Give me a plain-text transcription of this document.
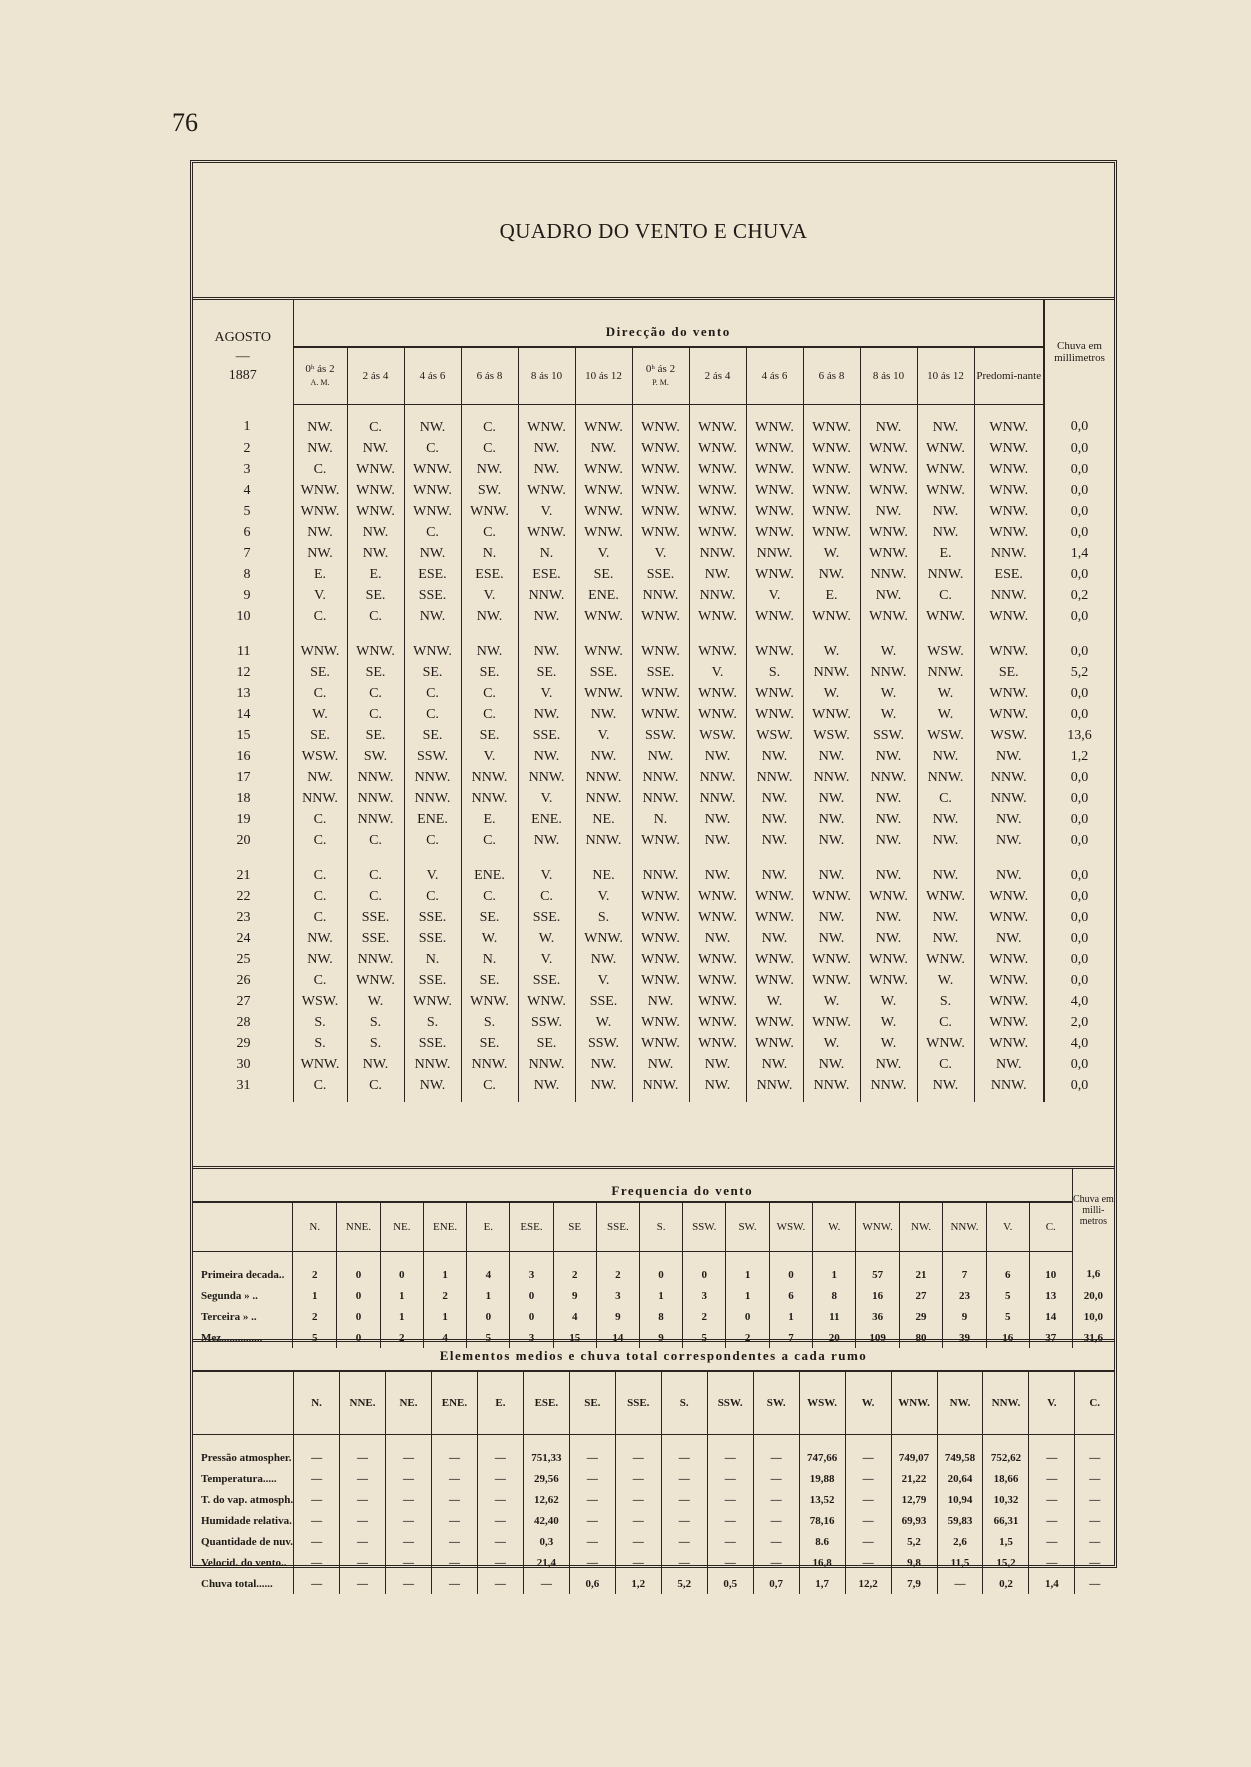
76
QUADRO DO VENTO E CHUVA
AGOSTO
—
1887	Direcção do vento													Chuva em millimetros
	0ʰ ás 2
A. M.	2 ás 4	4 ás 6	6 ás 8	8 ás 10	10 ás 12	0ʰ ás 2
P. M.	2 ás 4	4 ás 6	6 ás 8	8 ás 10	10 ás 12	Predomi-nante	
1	NW.	C.	NW.	C.	WNW.	WNW.	WNW.	WNW.	WNW.	WNW.	NW.	NW.	WNW.	0,0
2	NW.	NW.	C.	C.	NW.	NW.	WNW.	WNW.	WNW.	WNW.	WNW.	WNW.	WNW.	0,0
3	C.	WNW.	WNW.	NW.	NW.	WNW.	WNW.	WNW.	WNW.	WNW.	WNW.	WNW.	WNW.	0,0
4	WNW.	WNW.	WNW.	SW.	WNW.	WNW.	WNW.	WNW.	WNW.	WNW.	WNW.	WNW.	WNW.	0,0
5	WNW.	WNW.	WNW.	WNW.	V.	WNW.	WNW.	WNW.	WNW.	WNW.	NW.	NW.	WNW.	0,0
6	NW.	NW.	C.	C.	WNW.	WNW.	WNW.	WNW.	WNW.	WNW.	WNW.	NW.	WNW.	0,0
7	NW.	NW.	NW.	N.	N.	V.	V.	NNW.	NNW.	W.	WNW.	E.	NNW.	1,4
8	E.	E.	ESE.	ESE.	ESE.	SE.	SSE.	NW.	WNW.	NW.	NNW.	NNW.	ESE.	0,0
9	V.	SE.	SSE.	V.	NNW.	ENE.	NNW.	NNW.	V.	E.	NW.	C.	NNW.	0,2
10	C.	C.	NW.	NW.	NW.	WNW.	WNW.	WNW.	WNW.	WNW.	WNW.	WNW.	WNW.	0,0

11	WNW.	WNW.	WNW.	NW.	NW.	WNW.	WNW.	WNW.	WNW.	W.	W.	WSW.	WNW.	0,0
12	SE.	SE.	SE.	SE.	SE.	SSE.	SSE.	V.	S.	NNW.	NNW.	NNW.	SE.	5,2
13	C.	C.	C.	C.	V.	WNW.	WNW.	WNW.	WNW.	W.	W.	W.	WNW.	0,0
14	W.	C.	C.	C.	NW.	NW.	WNW.	WNW.	WNW.	WNW.	W.	W.	WNW.	0,0
15	SE.	SE.	SE.	SE.	SSE.	V.	SSW.	WSW.	WSW.	WSW.	SSW.	WSW.	WSW.	13,6
16	WSW.	SW.	SSW.	V.	NW.	NW.	NW.	NW.	NW.	NW.	NW.	NW.	NW.	1,2
17	NW.	NNW.	NNW.	NNW.	NNW.	NNW.	NNW.	NNW.	NNW.	NNW.	NNW.	NNW.	NNW.	0,0
18	NNW.	NNW.	NNW.	NNW.	V.	NNW.	NNW.	NNW.	NW.	NW.	NW.	C.	NNW.	0,0
19	C.	NNW.	ENE.	E.	ENE.	NE.	N.	NW.	NW.	NW.	NW.	NW.	NW.	0,0
20	C.	C.	C.	C.	NW.	NNW.	WNW.	NW.	NW.	NW.	NW.	NW.	NW.	0,0

21	C.	C.	V.	ENE.	V.	NE.	NNW.	NW.	NW.	NW.	NW.	NW.	NW.	0,0
22	C.	C.	C.	C.	C.	V.	WNW.	WNW.	WNW.	WNW.	WNW.	WNW.	WNW.	0,0
23	C.	SSE.	SSE.	SE.	SSE.	S.	WNW.	WNW.	WNW.	NW.	NW.	NW.	WNW.	0,0
24	NW.	SSE.	SSE.	W.	W.	WNW.	WNW.	NW.	NW.	NW.	NW.	NW.	NW.	0,0
25	NW.	NNW.	N.	N.	V.	NW.	WNW.	WNW.	WNW.	WNW.	WNW.	WNW.	WNW.	0,0
26	C.	WNW.	SSE.	SE.	SSE.	V.	WNW.	WNW.	WNW.	WNW.	WNW.	W.	WNW.	0,0
27	WSW.	W.	WNW.	WNW.	WNW.	SSE.	NW.	WNW.	W.	W.	W.	S.	WNW.	4,0
28	S.	S.	S.	S.	SSW.	W.	WNW.	WNW.	WNW.	WNW.	W.	C.	WNW.	2,0
29	S.	S.	SSE.	SE.	SE.	SSW.	WNW.	WNW.	WNW.	W.	W.	WNW.	WNW.	4,0
30	WNW.	NW.	NNW.	NNW.	NNW.	NW.	NW.	NW.	NW.	NW.	NW.	C.	NW.	0,0
31	C.	C.	NW.	C.	NW.	NW.	NNW.	NW.	NNW.	NNW.	NNW.	NW.	NNW.	0,0
	Frequencia do vento																		Chuva em milli-metros
	N.	NNE.	NE.	ENE.	E.	ESE.	SE	SSE.	S.	SSW.	SW.	WSW.	W.	WNW.	NW.	NNW.	V.	C.	
Primeira decada..	2	0	0	1	4	3	2	2	0	0	1	0	1	57	21	7	6	10	1,6
Segunda » ..	1	0	1	2	1	0	9	3	1	3	1	6	8	16	27	23	5	13	20,0
Terceira » ..	2	0	1	1	0	0	4	9	8	2	0	1	11	36	29	9	5	14	10,0
Mez...............	5	0	2	4	5	3	15	14	9	5	2	7	20	109	80	39	16	37	31,6
Elementos medios e chuva total correspondentes a cada rumo																		
	N.	NNE.	NE.	ENE.	E.	ESE.	SE.	SSE.	S.	SSW.	SW.	WSW.	W.	WNW.	NW.	NNW.	V.	C.
Pressão atmospher.	—	—	—	—	—	751,33	—	—	—	—	—	747,66	—	749,07	749,58	752,62	—	—
Temperatura.....	—	—	—	—	—	29,56	—	—	—	—	—	19,88	—	21,22	20,64	18,66	—	—
T. do vap. atmosph.	—	—	—	—	—	12,62	—	—	—	—	—	13,52	—	12,79	10,94	10,32	—	—
Humidade relativa.	—	—	—	—	—	42,40	—	—	—	—	—	78,16	—	69,93	59,83	66,31	—	—
Quantidade de nuv.	—	—	—	—	—	0,3	—	—	—	—	—	8.6	—	5,2	2,6	1,5	—	—
Velocid. do vento..	—	—	—	—	—	21,4	—	—	—	—	—	16,8	—	9,8	11,5	15,2	—	—
Chuva total......	—	—	—	—	—	—	0,6	1,2	5,2	0,5	0,7	1,7	12,2	7,9	—	0,2	1,4	—
